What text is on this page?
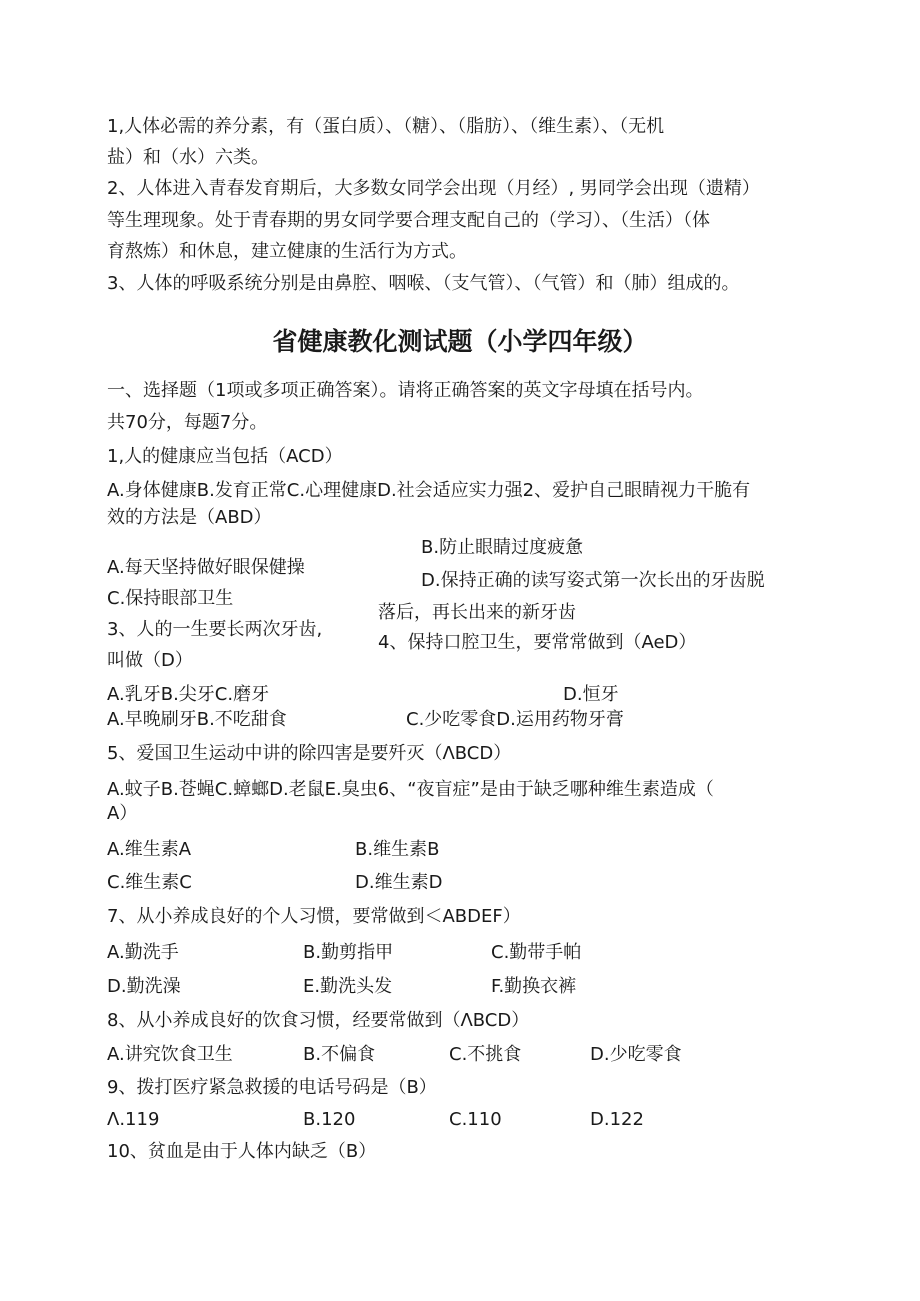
1,人体必需的养分素，有（蛋白质）、（糖）、（脂肪）、（维生素）、（无机
盐）和（水）六类。
2、人体进入青春发育期后，大多数女同学会出现（月经）, 男同学会出现（遗精）
等生理现象。处于青春期的男女同学要合理支配自己的（学习）、（生活）（体
育熬炼）和休息，建立健康的生活行为方式。
3、人体的呼吸系统分别是由鼻腔、咽喉、（支气管）、（气管）和（肺）组成的。
省健康教化测试题（小学四年级）
一、选择题（1项或多项正确答案）。请将正确答案的英文字母填在括号内。
共70分，每题7分。
1,人的健康应当包括（ACD）
A.身体健康B.发育正常C.心理健康D.社会适应实力强2、爱护自己眼睛视力干脆有
效的方法是（ABD）
B.防止眼睛过度疲惫
A.每天坚持做好眼保健操
D.保持正确的读写姿式第一次长出的牙齿脱
C.保持眼部卫生
落后，再长出来的新牙齿
3、人的一生要长两次牙齿,
4、保持口腔卫生，要常常做到（AeD）
叫做（D）
A.乳牙B.尖牙C.磨牙	D.恒牙
A.早晚刷牙B.不吃甜食	C.少吃零食D.运用药物牙膏
5、爱国卫生运动中讲的除四害是要歼灭（ΛBCD）
A.蚊子B.苍蝇C.蟑螂D.老鼠E.臭虫6、“夜盲症”是由于缺乏哪种维生素造成（
A）
A.维生素A	B.维生素B
C.维生素C	D.维生素D
7、从小养成良好的个人习惯，要常做到＜ABDEF）
A.勤洗手	B.勤剪指甲	C.勤带手帕
D.勤洗澡	E.勤洗头发	F.勤换衣裤
8、从小养成良好的饮食习惯，经要常做到（ΛBCD）
A.讲究饮食卫生	B.不偏食	C.不挑食	D.少吃零食
9、拨打医疗紧急救援的电话号码是（B）
Λ.119	B.120	C.110	D.122
10、贫血是由于人体内缺乏（B）
